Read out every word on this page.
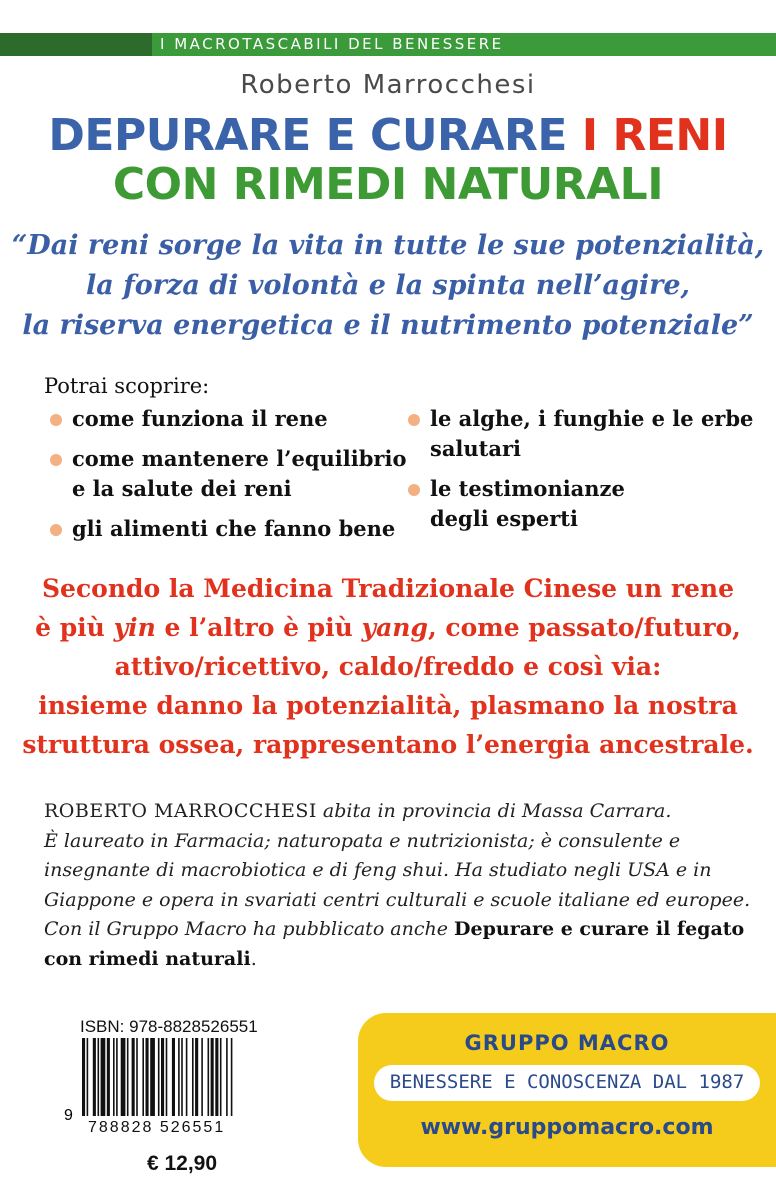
I MACROTASCABILI DEL BENESSERE
Roberto Marrocchesi
DEPURARE E CURARE I RENI
CON RIMEDI NATURALI
“Dai reni sorge la vita in tutte le sue potenzialità,
la forza di volontà e la spinta nell’agire,
la riserva energetica e il nutrimento potenziale”
Potrai scoprire:
come funziona il rene
come mantenere l’equilibrio
e la salute dei reni
gli alimenti che fanno bene
le alghe, i funghie e le erbe
salutari
le testimonianze
degli esperti
Secondo la Medicina Tradizionale Cinese un rene
è più yin e l’altro è più yang, come passato/futuro,
attivo/ricettivo, caldo/freddo e così via:
insieme danno la potenzialità, plasmano la nostra
struttura ossea, rappresentano l’energia ancestrale.
ROBERTO MARROCCHESI abita in provincia di Massa Carrara.
È laureato in Farmacia; naturopata e nutrizionista; è consulente e
insegnante di macrobiotica e di feng shui. Ha studiato negli USA e in
Giappone e opera in svariati centri culturali e scuole italiane ed europee.
Con il Gruppo Macro ha pubblicato anche Depurare e curare il fegato
con rimedi naturali.
ISBN: 978-8828526551
9
788828 526551
€ 12,90
GRUPPO MACRO
BENESSERE E CONOSCENZA DAL 1987
www.gruppomacro.com
